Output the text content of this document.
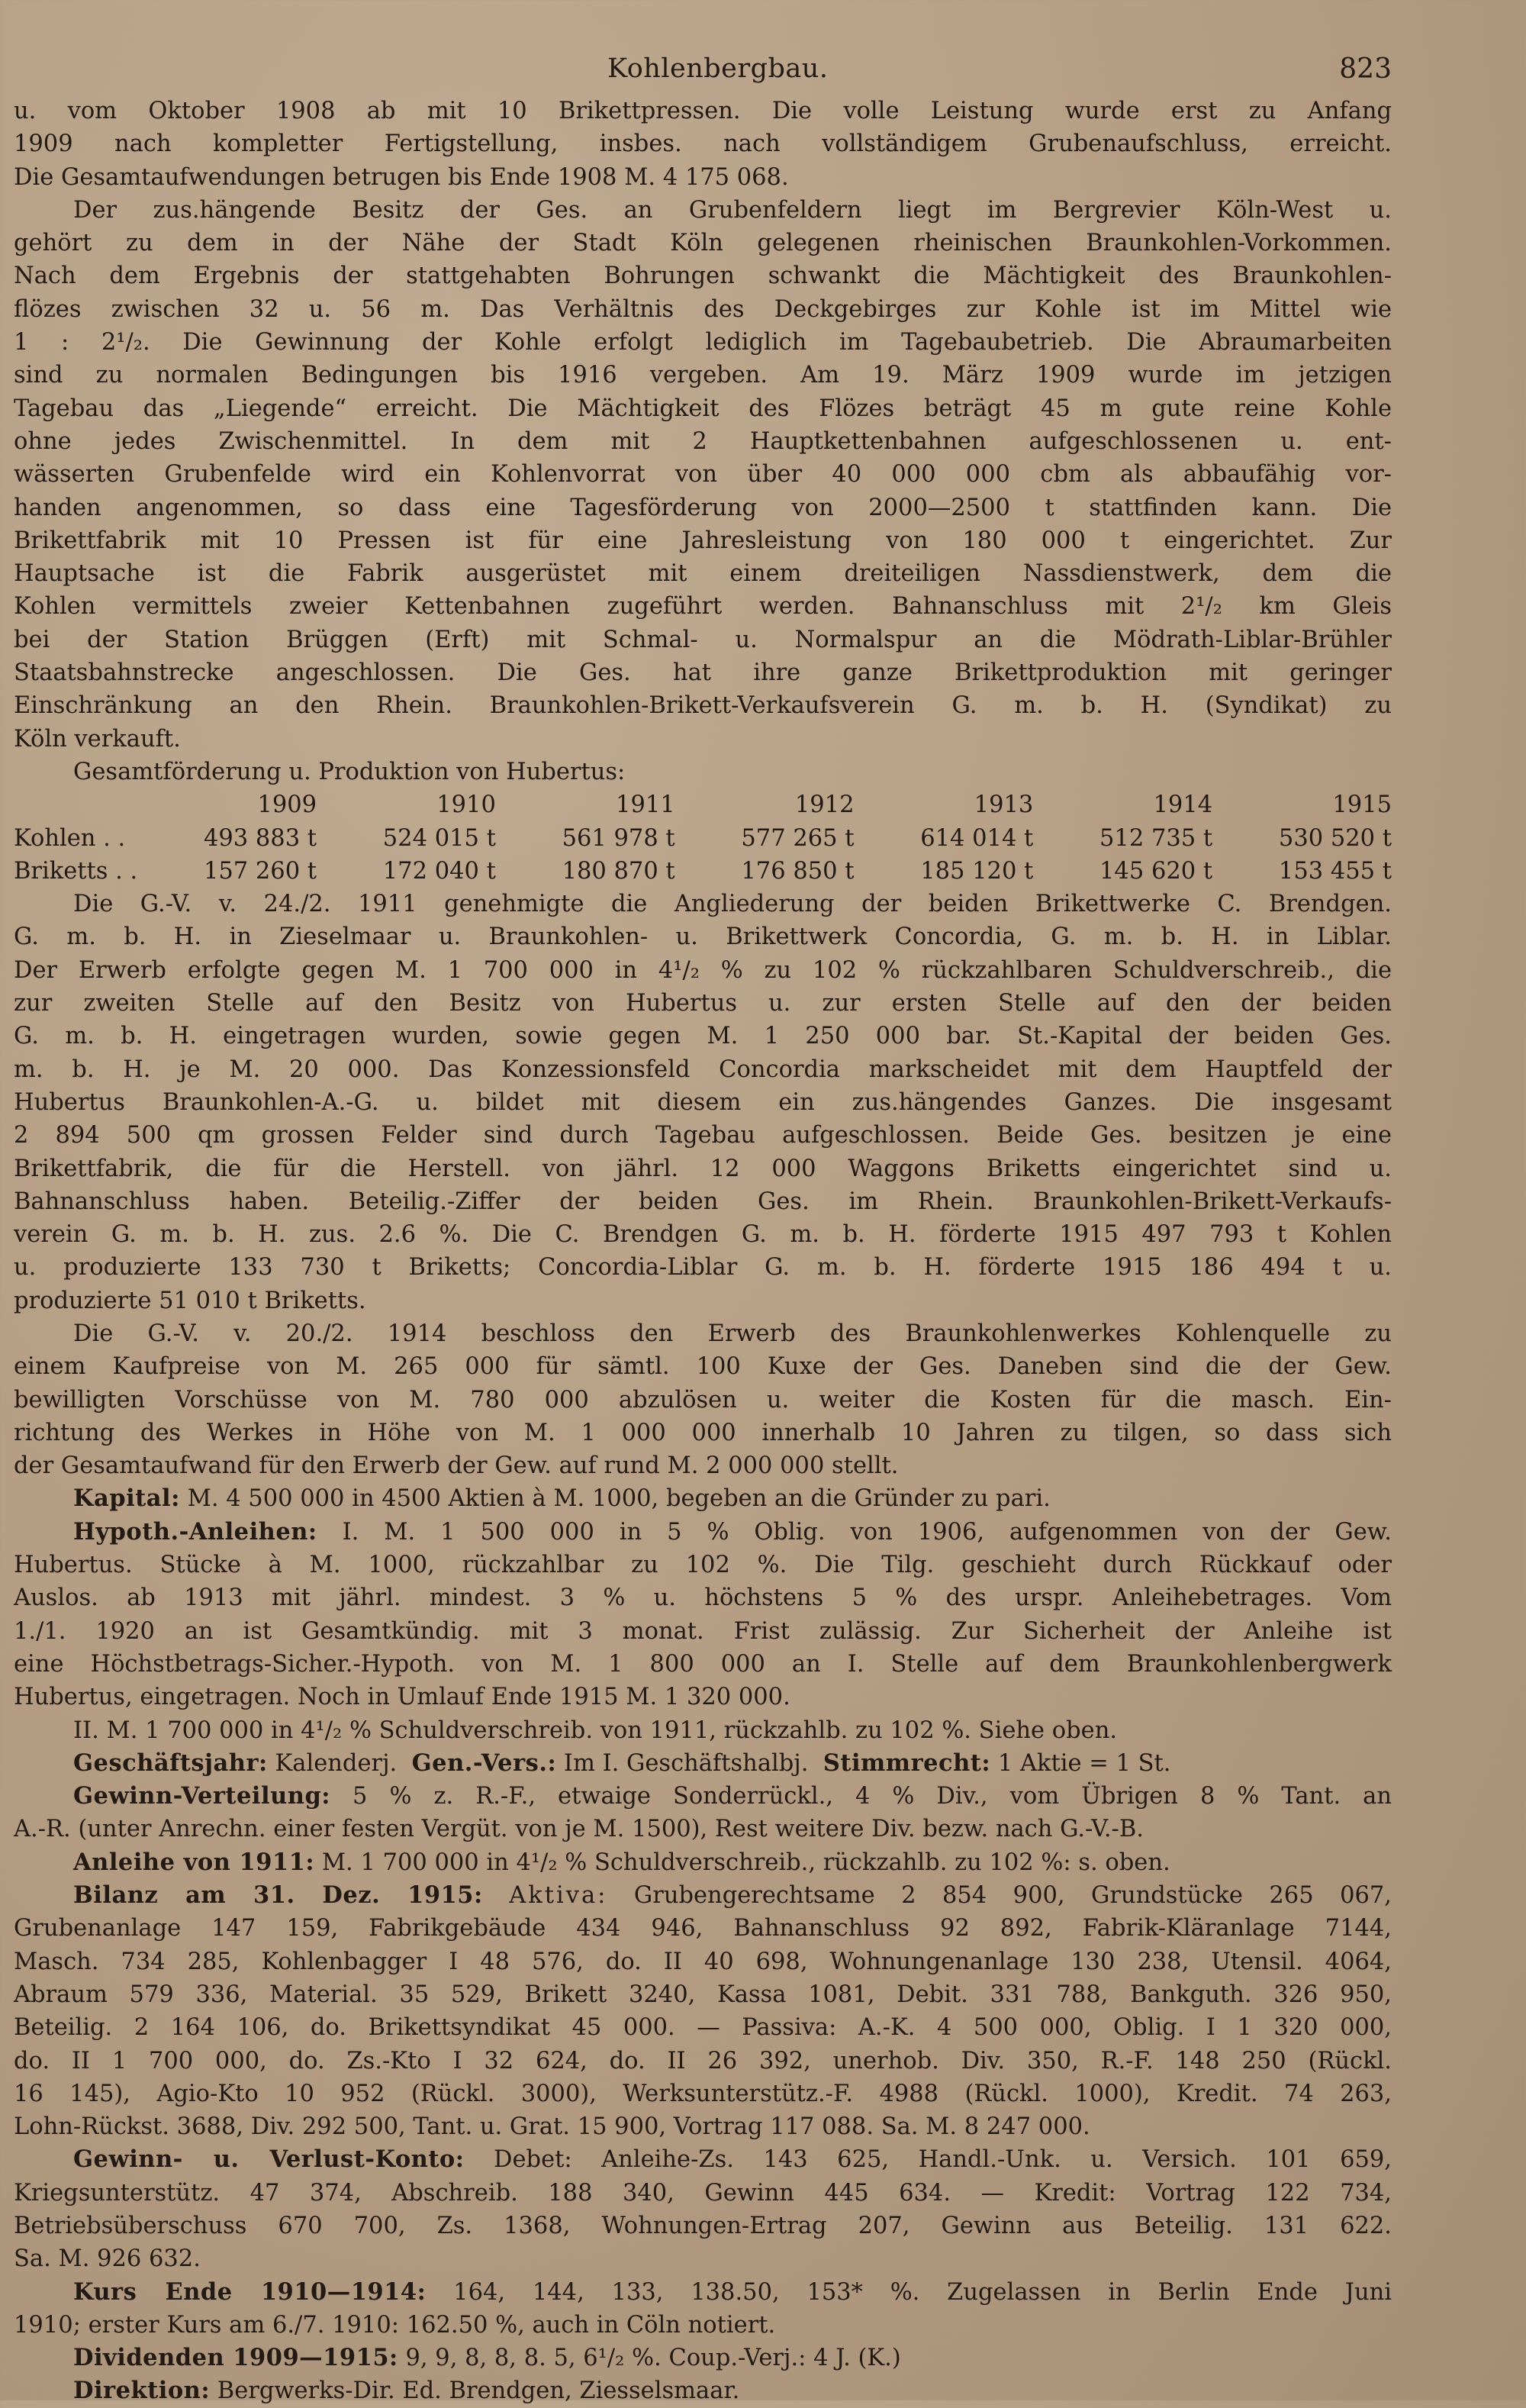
Kohlenbergbau.	823

u. vom Oktober 1908 ab mit 10 Brikettpressen. Die volle Leistung wurde erst zu Anfang
1909 nach kompletter Fertigstellung, insbes. nach vollständigem Grubenaufschluss, erreicht.
Die Gesamtaufwendungen betrugen bis Ende 1908 M. 4 175 068.

Der zus.hängende Besitz der Ges. an Grubenfeldern liegt im Bergrevier Köln-West u.
gehört zu dem in der Nähe der Stadt Köln gelegenen rheinischen Braunkohlen-Vorkommen.
Nach dem Ergebnis der stattgehabten Bohrungen schwankt die Mächtigkeit des Braunkohlen-
flözes zwischen 32 u. 56 m. Das Verhältnis des Deckgebirges zur Kohle ist im Mittel wie
1 : 2¹/₂. Die Gewinnung der Kohle erfolgt lediglich im Tagebaubetrieb. Die Abraumarbeiten
sind zu normalen Bedingungen bis 1916 vergeben. Am 19. März 1909 wurde im jetzigen
Tagebau das „Liegende“ erreicht. Die Mächtigkeit des Flözes beträgt 45 m gute reine Kohle
ohne jedes Zwischenmittel. In dem mit 2 Hauptkettenbahnen aufgeschlossenen u. ent-
wässerten Grubenfelde wird ein Kohlenvorrat von über 40 000 000 cbm als abbaufähig vor-
handen angenommen, so dass eine Tagesförderung von 2000—2500 t stattfinden kann. Die
Brikettfabrik mit 10 Pressen ist für eine Jahresleistung von 180 000 t eingerichtet. Zur
Hauptsache ist die Fabrik ausgerüstet mit einem dreiteiligen Nassdienstwerk, dem die
Kohlen vermittels zweier Kettenbahnen zugeführt werden. Bahnanschluss mit 2¹/₂ km Gleis
bei der Station Brüggen (Erft) mit Schmal- u. Normalspur an die Mödrath-Liblar-Brühler
Staatsbahnstrecke angeschlossen. Die Ges. hat ihre ganze Brikettproduktion mit geringer
Einschränkung an den Rhein. Braunkohlen-Brikett-Verkaufsverein G. m. b. H. (Syndikat) zu
Köln verkauft.

Gesamtförderung u. Produktion von Hubertus:

	1909	1910	1911	1912	1913	1914	1915
Kohlen . .	493 883 t	524 015 t	561 978 t	577 265 t	614 014 t	512 735 t	530 520 t
Briketts . .	157 260 t	172 040 t	180 870 t	176 850 t	185 120 t	145 620 t	153 455 t

Die G.-V. v. 24./2. 1911 genehmigte die Angliederung der beiden Brikettwerke C. Brendgen.
G. m. b. H. in Zieselmaar u. Braunkohlen- u. Brikettwerk Concordia, G. m. b. H. in Liblar.
Der Erwerb erfolgte gegen M. 1 700 000 in 4¹/₂ % zu 102 % rückzahlbaren Schuldverschreib., die
zur zweiten Stelle auf den Besitz von Hubertus u. zur ersten Stelle auf den der beiden
G. m. b. H. eingetragen wurden, sowie gegen M. 1 250 000 bar. St.-Kapital der beiden Ges.
m. b. H. je M. 20 000. Das Konzessionsfeld Concordia markscheidet mit dem Hauptfeld der
Hubertus Braunkohlen-A.-G. u. bildet mit diesem ein zus.hängendes Ganzes. Die insgesamt
2 894 500 qm grossen Felder sind durch Tagebau aufgeschlossen. Beide Ges. besitzen je eine
Brikettfabrik, die für die Herstell. von jährl. 12 000 Waggons Briketts eingerichtet sind u.
Bahnanschluss haben. Beteilig.-Ziffer der beiden Ges. im Rhein. Braunkohlen-Brikett-Verkaufs-
verein G. m. b. H. zus. 2.6 %. Die C. Brendgen G. m. b. H. förderte 1915 497 793 t Kohlen
u. produzierte 133 730 t Briketts; Concordia-Liblar G. m. b. H. förderte 1915 186 494 t u.
produzierte 51 010 t Briketts.

Die G.-V. v. 20./2. 1914 beschloss den Erwerb des Braunkohlenwerkes Kohlenquelle zu
einem Kaufpreise von M. 265 000 für sämtl. 100 Kuxe der Ges. Daneben sind die der Gew.
bewilligten Vorschüsse von M. 780 000 abzulösen u. weiter die Kosten für die masch. Ein-
richtung des Werkes in Höhe von M. 1 000 000 innerhalb 10 Jahren zu tilgen, so dass sich
der Gesamtaufwand für den Erwerb der Gew. auf rund M. 2 000 000 stellt.

Kapital: M. 4 500 000 in 4500 Aktien à M. 1000, begeben an die Gründer zu pari.

Hypoth.-Anleihen: I. M. 1 500 000 in 5 % Oblig. von 1906, aufgenommen von der Gew.
Hubertus. Stücke à M. 1000, rückzahlbar zu 102 %. Die Tilg. geschieht durch Rückkauf oder
Auslos. ab 1913 mit jährl. mindest. 3 % u. höchstens 5 % des urspr. Anleihebetrages. Vom
1./1. 1920 an ist Gesamtkündig. mit 3 monat. Frist zulässig. Zur Sicherheit der Anleihe ist
eine Höchstbetrags-Sicher.-Hypoth. von M. 1 800 000 an I. Stelle auf dem Braunkohlenbergwerk
Hubertus, eingetragen. Noch in Umlauf Ende 1915 M. 1 320 000.

II. M. 1 700 000 in 4¹/₂ % Schuldverschreib. von 1911, rückzahlb. zu 102 %. Siehe oben.

Geschäftsjahr: Kalenderj. Gen.-Vers.: Im I. Geschäftshalbj. Stimmrecht: 1 Aktie = 1 St.

Gewinn-Verteilung: 5 % z. R.-F., etwaige Sonderrückl., 4 % Div., vom Übrigen 8 % Tant. an
A.-R. (unter Anrechn. einer festen Vergüt. von je M. 1500), Rest weitere Div. bezw. nach G.-V.-B.

Anleihe von 1911: M. 1 700 000 in 4¹/₂ % Schuldverschreib., rückzahlb. zu 102 %: s. oben.

Bilanz am 31. Dez. 1915: Aktiva: Grubengerechtsame 2 854 900, Grundstücke 265 067,
Grubenanlage 147 159, Fabrikgebäude 434 946, Bahnanschluss 92 892, Fabrik-Kläranlage 7144,
Masch. 734 285, Kohlenbagger I 48 576, do. II 40 698, Wohnungenanlage 130 238, Utensil. 4064,
Abraum 579 336, Material. 35 529, Brikett 3240, Kassa 1081, Debit. 331 788, Bankguth. 326 950,
Beteilig. 2 164 106, do. Brikettsyndikat 45 000. — Passiva: A.-K. 4 500 000, Oblig. I 1 320 000,
do. II 1 700 000, do. Zs.-Kto I 32 624, do. II 26 392, unerhob. Div. 350, R.-F. 148 250 (Rückl.
16 145), Agio-Kto 10 952 (Rückl. 3000), Werksunterstütz.-F. 4988 (Rückl. 1000), Kredit. 74 263,
Lohn-Rückst. 3688, Div. 292 500, Tant. u. Grat. 15 900, Vortrag 117 088. Sa. M. 8 247 000.

Gewinn- u. Verlust-Konto: Debet: Anleihe-Zs. 143 625, Handl.-Unk. u. Versich. 101 659,
Kriegsunterstütz. 47 374, Abschreib. 188 340, Gewinn 445 634. — Kredit: Vortrag 122 734,
Betriebsüberschuss 670 700, Zs. 1368, Wohnungen-Ertrag 207, Gewinn aus Beteilig. 131 622.
Sa. M. 926 632.

Kurs Ende 1910—1914: 164, 144, 133, 138.50, 153* %. Zugelassen in Berlin Ende Juni
1910; erster Kurs am 6./7. 1910: 162.50 %, auch in Cöln notiert.

Dividenden 1909—1915: 9, 9, 8, 8, 8. 5, 6¹/₂ %. Coup.-Verj.: 4 J. (K.)

Direktion: Bergwerks-Dir. Ed. Brendgen, Ziesselsmaar.
